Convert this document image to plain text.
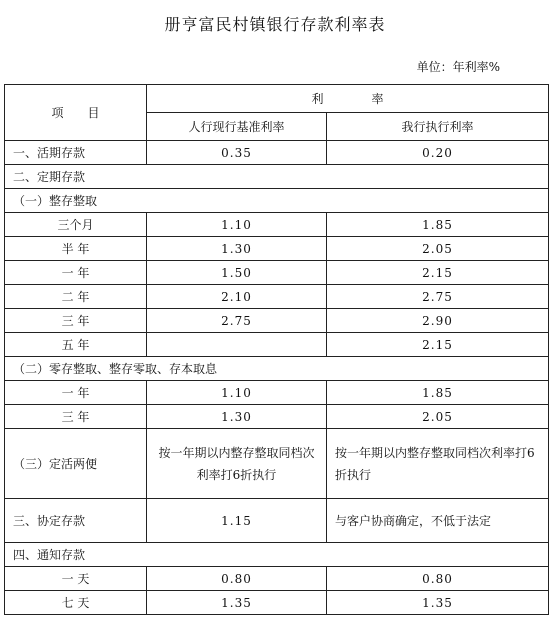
册亨富民村镇银行存款利率表
单位：年利率%
项　　目	利　　　　率	
	人行现行基准利率	我行执行利率
一、活期存款	0.35	0.20
二、定期存款		
（一）整存整取		
三个月	1.10	1.85
半 年	1.30	2.05
一 年	1.50	2.15
二 年	2.10	2.75
三 年	2.75	2.90
五 年		2.15
（二）零存整取、整存零取、存本取息		
一 年	1.10	1.85
三 年	1.30	2.05
（三）定活两便	按一年期以内整存整取同档次利率打6折执行	按一年期以内整存整取同档次利率打6折执行
三、协定存款	1.15	与客户协商确定，不低于法定
四、通知存款		
一 天	0.80	0.80
七 天	1.35	1.35
